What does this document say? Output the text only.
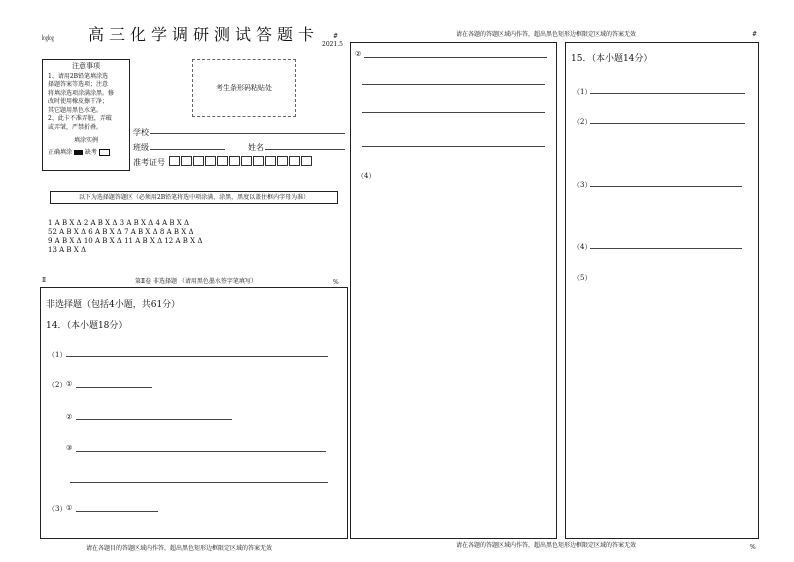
㏒㏒ 高三化学调研测试答题卡 #
2021.5
注意事项
1、请用2B铅笔填涂选
择题答案等选项；注意
将填涂选项涂满涂黑。修
改时使用橡皮擦干净；
其它题用黑色水笔。
2、此卡不准弄脏，弄破
或弄皱，严禁折叠。
填涂实例
正确填涂 缺考
考生条形码粘贴处
学校
班级	姓名
准考证号
以下为选择题答题区（必须用2B铅笔将选中项涂满、涂黑，黑度以盖住框内字母为准）
1 A B X Δ 2 A B X Δ 3 A B X Δ 4 A B X Δ
52 A B X Δ 6 A B X Δ 7 A B X Δ 8 A B X Δ
9 A B X Δ 10 A B X Δ 11 A B X Δ 12 A B X Δ
13 A B X Δ
Ⅱ	第Ⅱ卷 非选择题 （请用黑色墨水签字笔填写）	%
非选择题（包括4小题，共61分）
14．（本小题18分）
（1）
（2） ①
②
③
（3） ①
请在各题目的答题区域内作答，超出黑色矩形边框限定区域的答案无效
请在各题的答题区域内作答，超出黑色矩形边框限定区域的答案无效
②
（4）
请在各题的答题区域内作答，超出黑色矩形边框限定区域的答案无效
#
15．（本小题14分）
（1）
（2）
（3）
（4）
（5）
%
